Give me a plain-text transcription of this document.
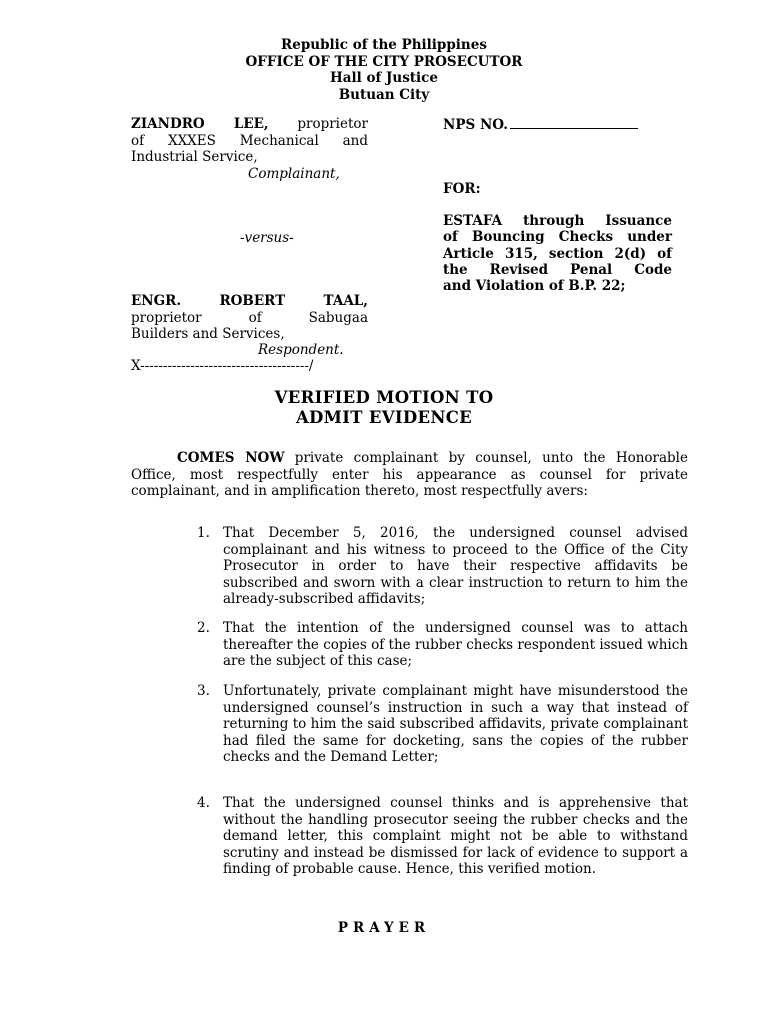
Republic of the Philippines
OFFICE OF THE CITY PROSECUTOR
Hall of Justice
Butuan City
ZIANDRO LEE, proprietor
of XXXES Mechanical and
Industrial Service,
Complainant,
-versus-
ENGR. ROBERT TAAL,
proprietor of Sabugaa
Builders and Services,
Respondent.
X-------------------------------------/
NPS NO.
FOR:
ESTAFA through Issuance
of Bouncing Checks under
Article 315, section 2(d) of
the Revised Penal Code
and Violation of B.P. 22;
VERIFIED MOTION TO
ADMIT EVIDENCE
COMES NOW private complainant by counsel, unto the Honorable Office, most respectfully enter his appearance as counsel for private complainant, and in amplification thereto, most respectfully avers:
1. That December 5, 2016, the undersigned counsel advised complainant and his witness to proceed to the Office of the City Prosecutor in order to have their respective affidavits be subscribed and sworn with a clear instruction to return to him the already-subscribed affidavits;
2. That the intention of the undersigned counsel was to attach thereafter the copies of the rubber checks respondent issued which are the subject of this case;
3. Unfortunately, private complainant might have misunderstood the undersigned counsel’s instruction in such a way that instead of returning to him the said subscribed affidavits, private complainant had filed the same for docketing, sans the copies of the rubber checks and the Demand Letter;
4. That the undersigned counsel thinks and is apprehensive that without the handling prosecutor seeing the rubber checks and the demand letter, this complaint might not be able to withstand scrutiny and instead be dismissed for lack of evidence to support a finding of probable cause. Hence, this verified motion.
PRAYER
